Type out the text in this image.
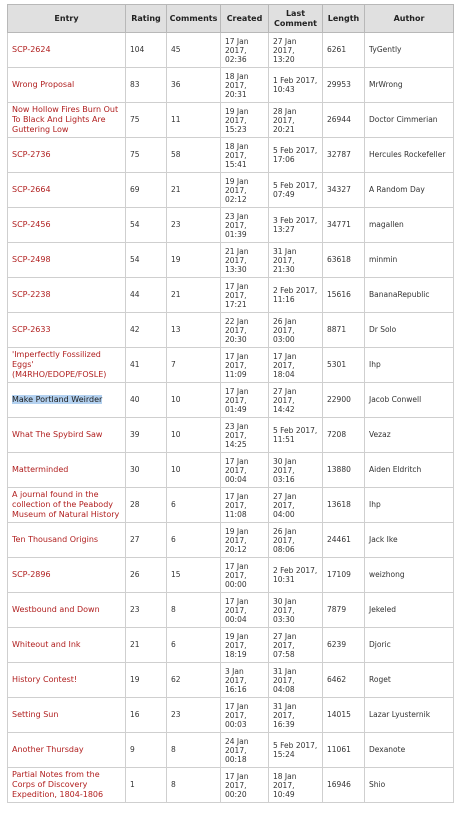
Entry	Rating	Comments	Created	Last Comment	Length	Author
SCP-2624	104	45	17 Jan 2017, 02:36	27 Jan 2017, 13:20	6261	TyGently
Wrong Proposal	83	36	18 Jan 2017, 20:31	1 Feb 2017, 10:43	29953	MrWrong
Now Hollow Fires Burn Out To Black And Lights Are Guttering Low	75	11	19 Jan 2017, 15:23	28 Jan 2017, 20:21	26944	Doctor Cimmerian
SCP-2736	75	58	18 Jan 2017, 15:41	5 Feb 2017, 17:06	32787	Hercules Rockefeller
SCP-2664	69	21	19 Jan 2017, 02:12	5 Feb 2017, 07:49	34327	A Random Day
SCP-2456	54	23	23 Jan 2017, 01:39	3 Feb 2017, 13:27	34771	magallen
SCP-2498	54	19	21 Jan 2017, 13:30	31 Jan 2017, 21:30	63618	minmin
SCP-2238	44	21	17 Jan 2017, 17:21	2 Feb 2017, 11:16	15616	BananaRepublic
SCP-2633	42	13	22 Jan 2017, 20:30	26 Jan 2017, 03:00	8871	Dr Solo
'Imperfectly Fossilized Eggs' (M4RHO/EDOPE/FOSLE)	41	7	17 Jan 2017, 11:09	17 Jan 2017, 18:04	5301	Ihp
Make Portland Weirder	40	10	17 Jan 2017, 01:49	27 Jan 2017, 14:42	22900	Jacob Conwell
What The Spybird Saw	39	10	23 Jan 2017, 14:25	5 Feb 2017, 11:51	7208	Vezaz
Matterminded	30	10	17 Jan 2017, 00:04	30 Jan 2017, 03:16	13880	Aiden Eldritch
A journal found in the collection of the Peabody Museum of Natural History	28	6	17 Jan 2017, 11:08	27 Jan 2017, 04:00	13618	Ihp
Ten Thousand Origins	27	6	19 Jan 2017, 20:12	26 Jan 2017, 08:06	24461	Jack Ike
SCP-2896	26	15	17 Jan 2017, 00:00	2 Feb 2017, 10:31	17109	weizhong
Westbound and Down	23	8	17 Jan 2017, 00:04	30 Jan 2017, 03:30	7879	Jekeled
Whiteout and Ink	21	6	19 Jan 2017, 18:19	27 Jan 2017, 07:58	6239	Djoric
History Contest!	19	62	3 Jan 2017, 16:16	31 Jan 2017, 04:08	6462	Roget
Setting Sun	16	23	17 Jan 2017, 00:03	31 Jan 2017, 16:39	14015	Lazar Lyusternik
Another Thursday	9	8	24 Jan 2017, 00:18	5 Feb 2017, 15:24	11061	Dexanote
Partial Notes from the Corps of Discovery Expedition, 1804-1806	1	8	17 Jan 2017, 00:20	18 Jan 2017, 10:49	16946	Shio
